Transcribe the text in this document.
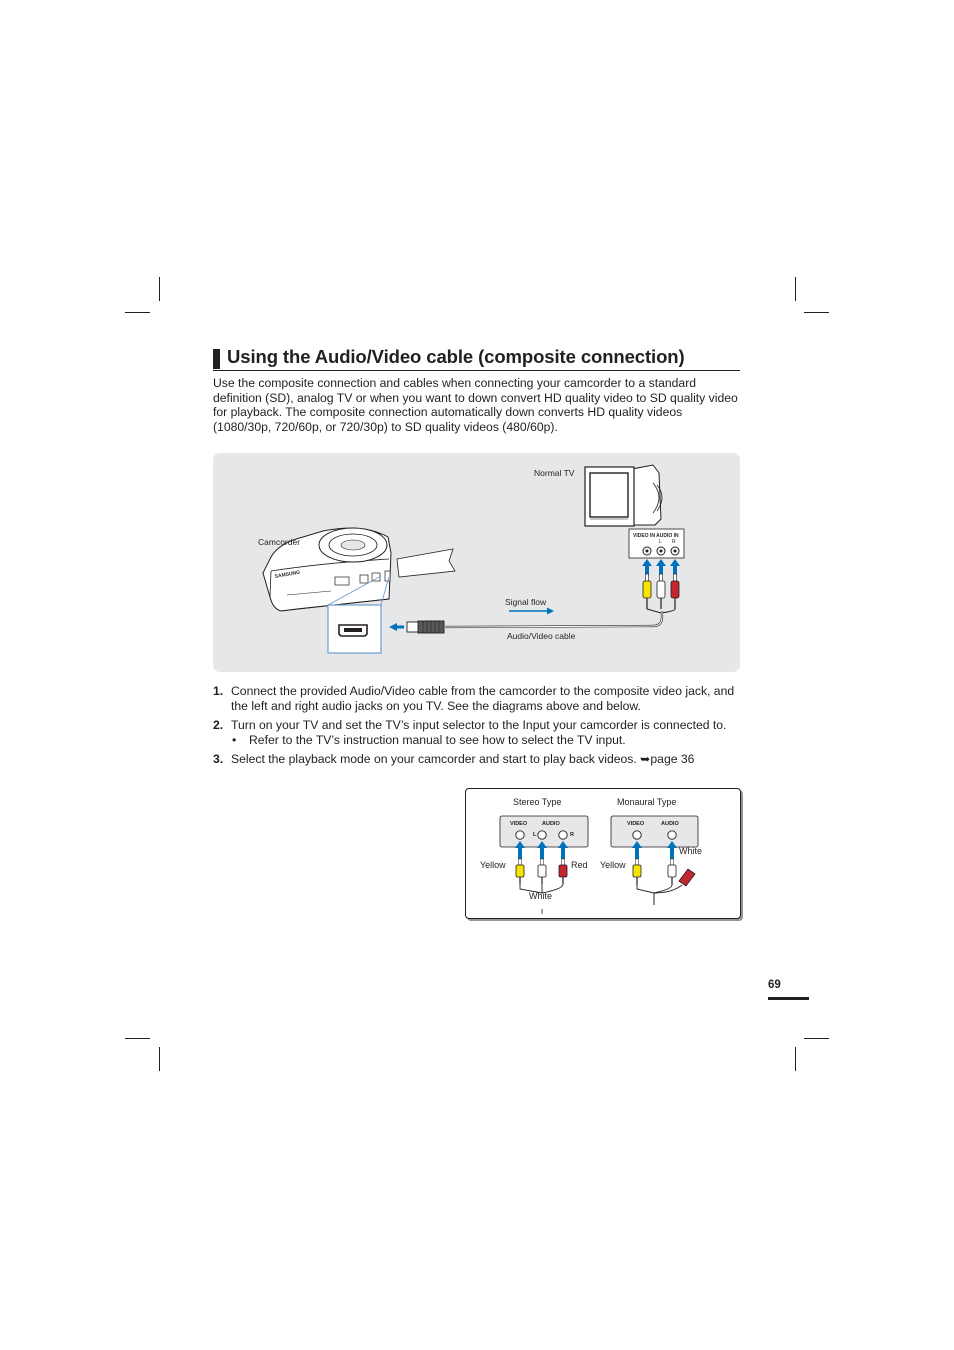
Using the Audio/Video cable (composite connection)

Use the composite connection and cables when connecting your camcorder to a standard definition (SD), analog TV or when you want to down convert HD quality video to SD quality video for playback. The composite connection automatically down converts HD quality videos (1080/30p, 720/60p, or 720/30p) to SD quality videos (480/60p).

VIDEO IN AUDIO IN
L R
SAMSUNG
Normal TV
Camcorder
Signal flow
Audio/Video cable
1. Connect the provided Audio/Video cable from the camcorder to the composite video jack, and the left and right audio jacks on you TV. See the diagrams above and below.
2. Turn on your TV and set the TV’s input selector to the Input your camcorder is connected to.
• Refer to the TV’s instruction manual to see how to select the TV input.
3. Select the playback mode on your camcorder and start to play back videos. ➥page 36
VIDEO	AUDIO
L	R
VIDEO	AUDIO
Stereo Type	Monaural Type
Yellow	Red
White
Yellow
White
69
